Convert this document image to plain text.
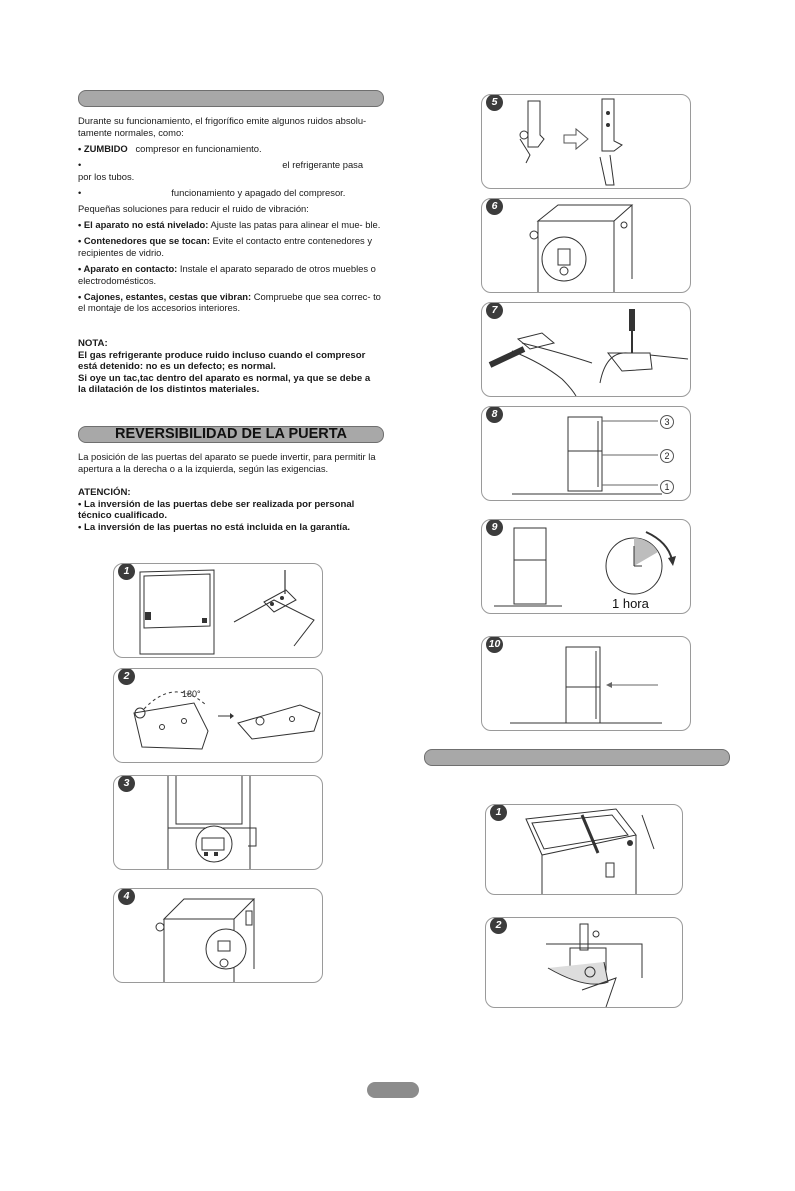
Durante su funcionamiento, el frigorífico emite algunos ruidos absolu- tamente normales, como:

• ZUMBIDO compresor en funcionamiento.

•	el refrigerante pasa

por los tubos.

•	funcionamiento y apagado del compresor.

Pequeñas soluciones para reducir el ruido de vibración:

• El aparato no está nivelado: Ajuste las patas para alinear el mue- ble.

• Contenedores que se tocan: Evite el contacto entre contenedores y recipientes de vidrio.

• Aparato en contacto: Instale el aparato separado de otros muebles o electrodomésticos.

• Cajones, estantes, cestas que vibran: Compruebe que sea correc- to el montaje de los accesorios interiores.

NOTA:

El gas refrigerante produce ruido incluso cuando el compresor

está detenido: no es un defecto; es normal.

Si oye un tac,tac dentro del aparato es normal, ya que se debe a

la dilatación de los distintos materiales.

REVERSIBILIDAD DE LA PUERTA

La posición de las puertas del aparato se puede invertir, para permitir la apertura a la derecha o a la izquierda, según las exigencias.

ATENCIÓN:

• La inversión de las puertas debe ser realizada por personal

técnico cualificado.

• La inversión de las puertas no está incluida en la garantía.

1
2
180°
3
4
5
6
7
8
3
2
1
9
1 hora
10
1
2
